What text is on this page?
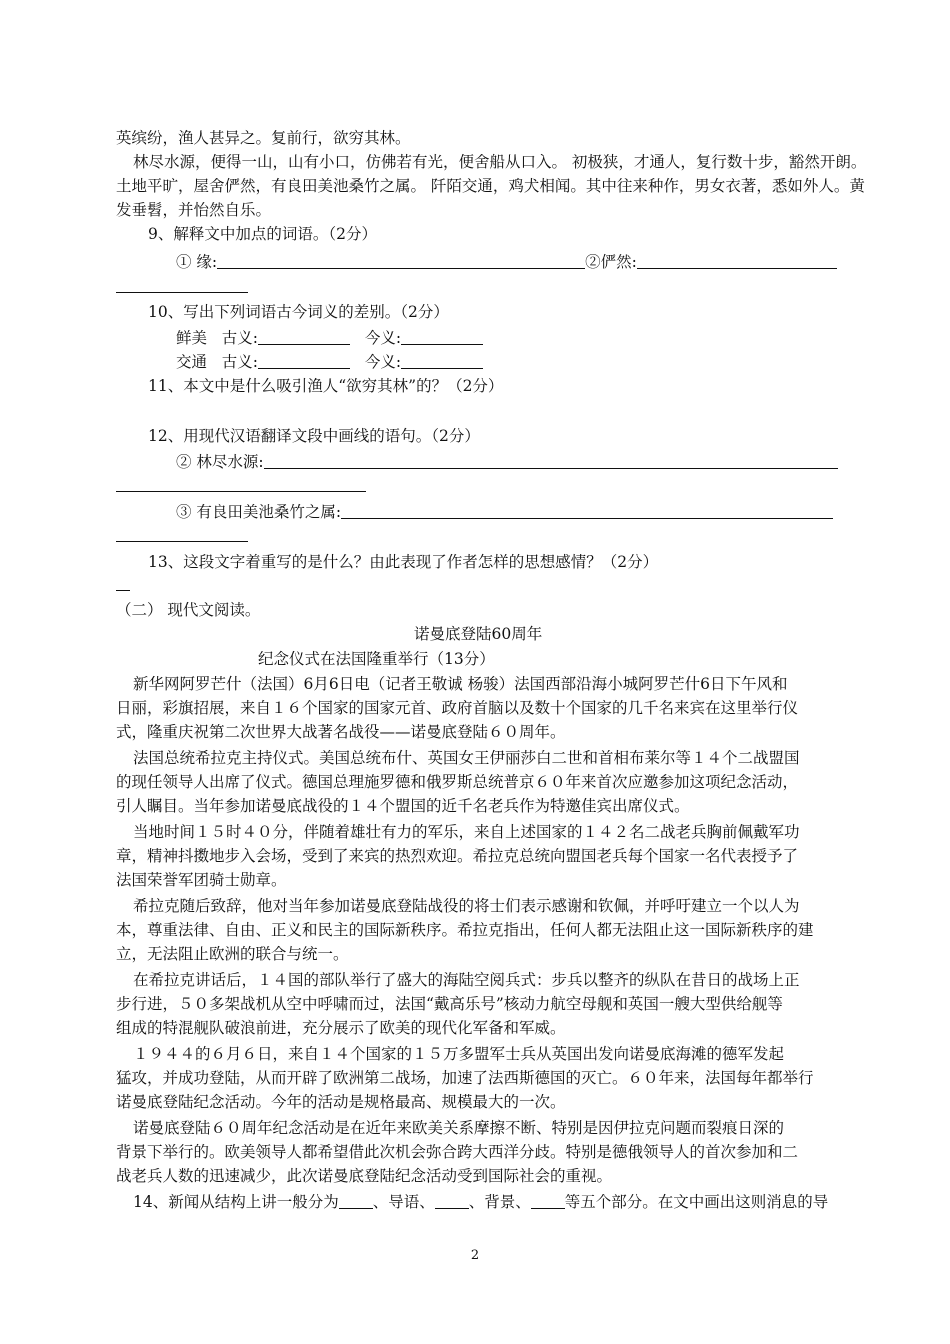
英缤纷，渔人甚异之。复前行，欲穷其林。
林尽水源，便得一山，山有小口，仿佛若有光，便舍船从口入。 初极狭，才通人，复行数十步，豁然开朗。
土地平旷，屋舍俨然，有良田美池桑竹之属。 阡陌交通，鸡犬相闻。其中往来种作，男女衣著，悉如外人。黄
发垂髫，并怡然自乐。
9、解释文中加点的词语。（2分）
① 缘:	②俨然:
10、写出下列词语古今词义的差别。（2分）
鲜美 古义:	今义:
交通 古义:	今义:
11、本文中是什么吸引渔人“欲穷其林”的？（2分）
12、用现代汉语翻译文段中画线的语句。（2分）
② 林尽水源:
③ 有良田美池桑竹之属:
13、这段文字着重写的是什么？由此表现了作者怎样的思想感情？（2分）
（二） 现代文阅读。
诺曼底登陆60周年
纪念仪式在法国隆重举行（13分）
新华网阿罗芒什（法国）6月6日电（记者王敬诚 杨骏）法国西部沿海小城阿罗芒什6日下午风和
日丽，彩旗招展，来自１６个国家的国家元首、政府首脑以及数十个国家的几千名来宾在这里举行仪
式，隆重庆祝第二次世界大战著名战役——诺曼底登陆６０周年。
法国总统希拉克主持仪式。美国总统布什、英国女王伊丽莎白二世和首相布莱尔等１４个二战盟国
的现任领导人出席了仪式。德国总理施罗德和俄罗斯总统普京６０年来首次应邀参加这项纪念活动，
引人瞩目。当年参加诺曼底战役的１４个盟国的近千名老兵作为特邀佳宾出席仪式。
当地时间１５时４０分，伴随着雄壮有力的军乐，来自上述国家的１４２名二战老兵胸前佩戴军功
章，精神抖擞地步入会场，受到了来宾的热烈欢迎。希拉克总统向盟国老兵每个国家一名代表授予了
法国荣誉军团骑士勋章。
希拉克随后致辞，他对当年参加诺曼底登陆战役的将士们表示感谢和钦佩，并呼吁建立一个以人为
本，尊重法律、自由、正义和民主的国际新秩序。希拉克指出，任何人都无法阻止这一国际新秩序的建
立，无法阻止欧洲的联合与统一。
在希拉克讲话后，１４国的部队举行了盛大的海陆空阅兵式：步兵以整齐的纵队在昔日的战场上正
步行进，５０多架战机从空中呼啸而过，法国“戴高乐号”核动力航空母舰和英国一艘大型供给舰等
组成的特混舰队破浪前进，充分展示了欧美的现代化军备和军威。
１９４４的６月６日，来自１４个国家的１５万多盟军士兵从英国出发向诺曼底海滩的德军发起
猛攻，并成功登陆，从而开辟了欧洲第二战场，加速了法西斯德国的灭亡。６０年来，法国每年都举行
诺曼底登陆纪念活动。今年的活动是规格最高、规模最大的一次。
诺曼底登陆６０周年纪念活动是在近年来欧美关系摩擦不断、特别是因伊拉克问题而裂痕日深的
背景下举行的。欧美领导人都希望借此次机会弥合跨大西洋分歧。特别是德俄领导人的首次参加和二
战老兵人数的迅速减少，此次诺曼底登陆纪念活动受到国际社会的重视。
14、新闻从结构上讲一般分为 、导语、 、背景、 等五个部分。在文中画出这则消息的导
2
